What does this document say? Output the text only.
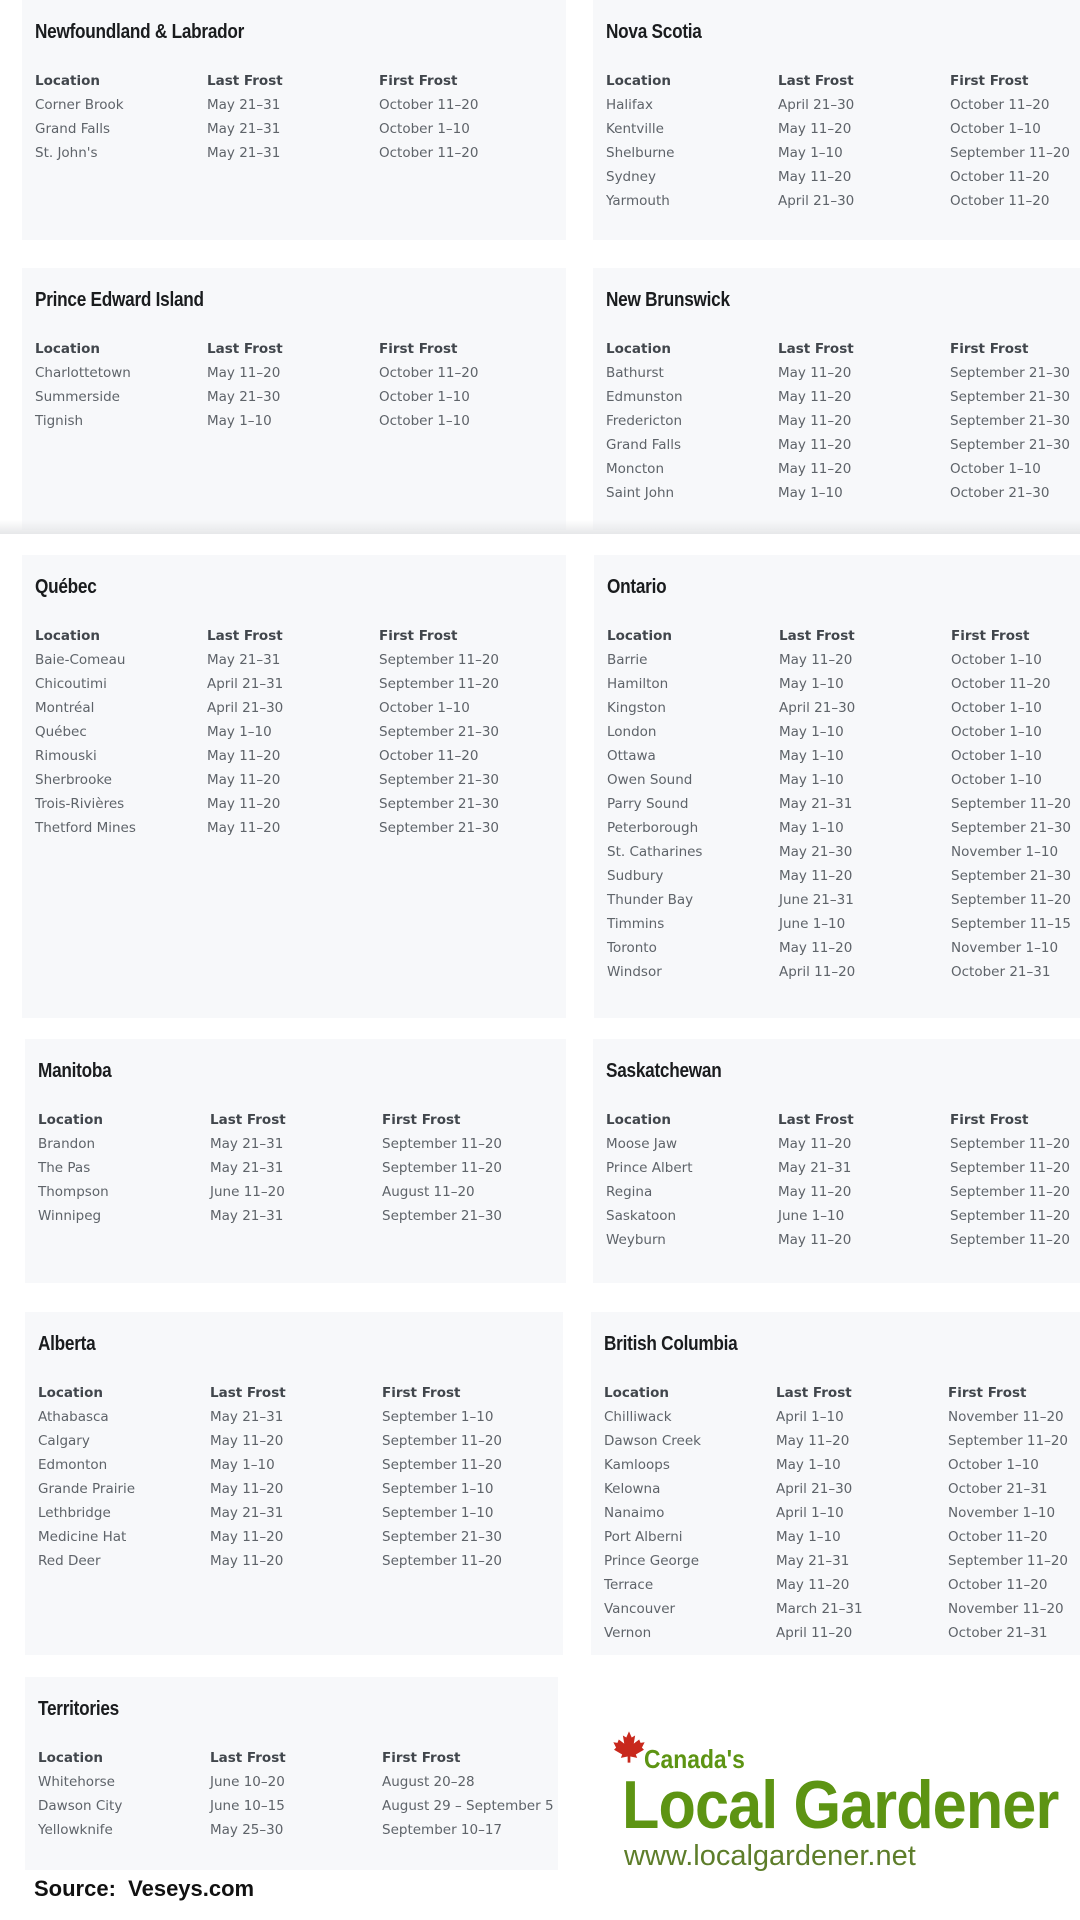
Newfoundland & Labrador
Location	Last Frost	First Frost
Corner Brook	May 21–31	October 11–20
Grand Falls	May 21–31	October 1–10
St. John's	May 21–31	October 11–20
Nova Scotia
Location	Last Frost	First Frost
Halifax	April 21–30	October 11–20
Kentville	May 11–20	October 1–10
Shelburne	May 1–10	September 11–20
Sydney	May 11–20	October 11–20
Yarmouth	April 21–30	October 11–20
Prince Edward Island
Location	Last Frost	First Frost
Charlottetown	May 11–20	October 11–20
Summerside	May 21–30	October 1–10
Tignish	May 1–10	October 1–10
New Brunswick
Location	Last Frost	First Frost
Bathurst	May 11–20	September 21–30
Edmunston	May 11–20	September 21–30
Fredericton	May 11–20	September 21–30
Grand Falls	May 11–20	September 21–30
Moncton	May 11–20	October 1–10
Saint John	May 1–10	October 21–30
Québec
Location	Last Frost	First Frost
Baie-Comeau	May 21–31	September 11–20
Chicoutimi	April 21–31	September 11–20
Montréal	April 21–30	October 1–10
Québec	May 1–10	September 21–30
Rimouski	May 11–20	October 11–20
Sherbrooke	May 11–20	September 21–30
Trois-Rivières	May 11–20	September 21–30
Thetford Mines	May 11–20	September 21–30
Ontario
Location	Last Frost	First Frost
Barrie	May 11–20	October 1–10
Hamilton	May 1–10	October 11–20
Kingston	April 21–30	October 1–10
London	May 1–10	October 1–10
Ottawa	May 1–10	October 1–10
Owen Sound	May 1–10	October 1–10
Parry Sound	May 21–31	September 11–20
Peterborough	May 1–10	September 21–30
St. Catharines	May 21–30	November 1–10
Sudbury	May 11–20	September 21–30
Thunder Bay	June 21–31	September 11–20
Timmins	June 1–10	September 11–15
Toronto	May 11–20	November 1–10
Windsor	April 11–20	October 21–31
Manitoba
Location	Last Frost	First Frost
Brandon	May 21–31	September 11–20
The Pas	May 21–31	September 11–20
Thompson	June 11–20	August 11–20
Winnipeg	May 21–31	September 21–30
Saskatchewan
Location	Last Frost	First Frost
Moose Jaw	May 11–20	September 11–20
Prince Albert	May 21–31	September 11–20
Regina	May 11–20	September 11–20
Saskatoon	June 1–10	September 11–20
Weyburn	May 11–20	September 11–20
Alberta
Location	Last Frost	First Frost
Athabasca	May 21–31	September 1–10
Calgary	May 11–20	September 11–20
Edmonton	May 1–10	September 11–20
Grande Prairie	May 11–20	September 1–10
Lethbridge	May 21–31	September 1–10
Medicine Hat	May 11–20	September 21–30
Red Deer	May 11–20	September 11–20
British Columbia
Location	Last Frost	First Frost
Chilliwack	April 1–10	November 11–20
Dawson Creek	May 11–20	September 11–20
Kamloops	May 1–10	October 1–10
Kelowna	April 21–30	October 21–31
Nanaimo	April 1–10	November 1–10
Port Alberni	May 1–10	October 11–20
Prince George	May 21–31	September 11–20
Terrace	May 11–20	October 11–20
Vancouver	March 21–31	November 11–20
Vernon	April 11–20	October 21–31
Territories
Location	Last Frost	First Frost
Whitehorse	June 10–20	August 20–28
Dawson City	June 10–15	August 29 – September 5
Yellowknife	May 25–30	September 10–17
Canada's
Local Gardener
www.localgardener.net
Source:  Veseys.com
